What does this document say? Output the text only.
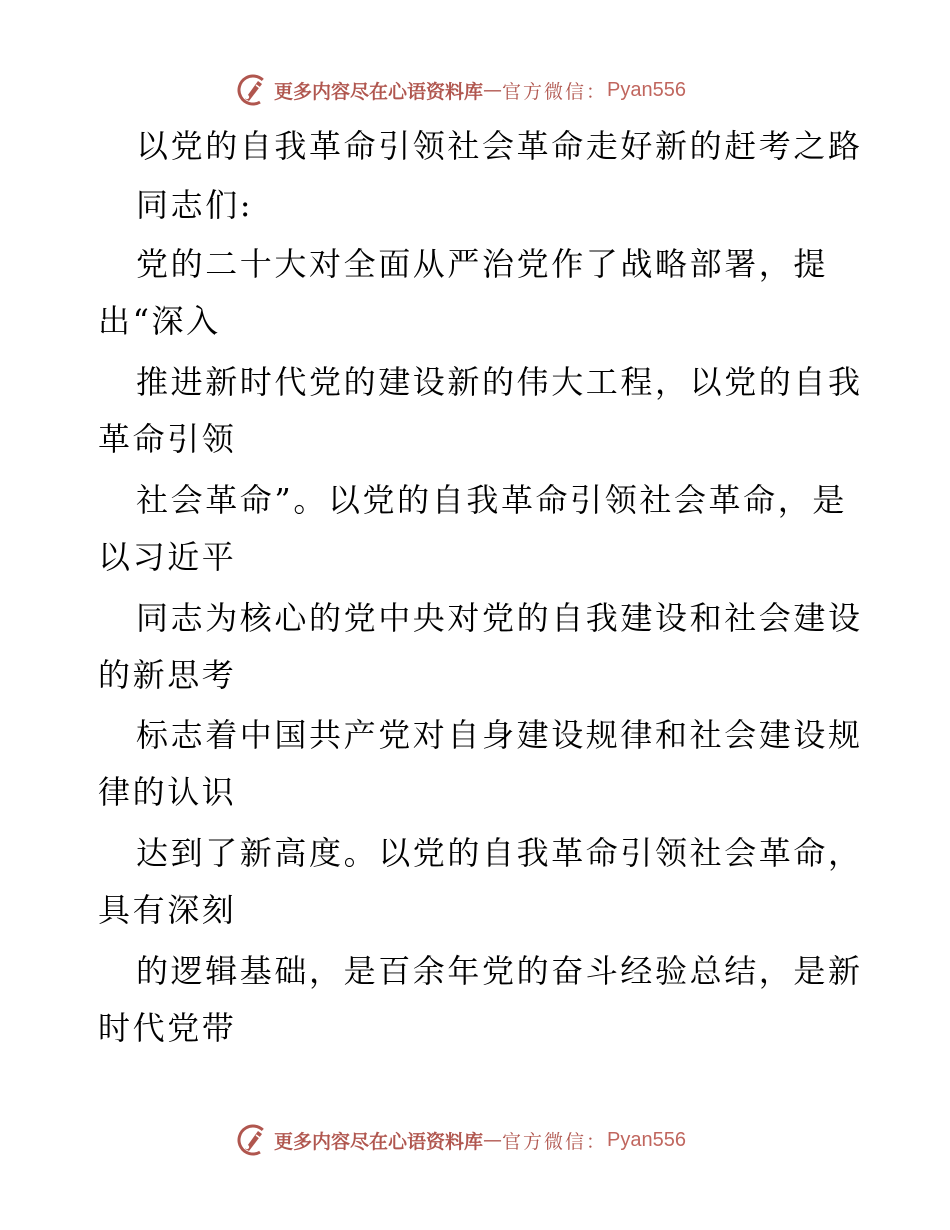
更多内容尽在心语资料库 — 官方微信： Pyan556
以党的自我革命引领社会革命走好新的赶考之路
同志们:
党的二十大对全面从严治党作了战略部署，提
出“深入
推进新时代党的建设新的伟大工程，以党的自我
革命引领
社会革命”。以党的自我革命引领社会革命，是
以习近平
同志为核心的党中央对党的自我建设和社会建设
的新思考
标志着中国共产党对自身建设规律和社会建设规
律的认识
达到了新高度。以党的自我革命引领社会革命，
具有深刻
的逻辑基础，是百余年党的奋斗经验总结，是新
时代党带
更多内容尽在心语资料库 — 官方微信： Pyan556
